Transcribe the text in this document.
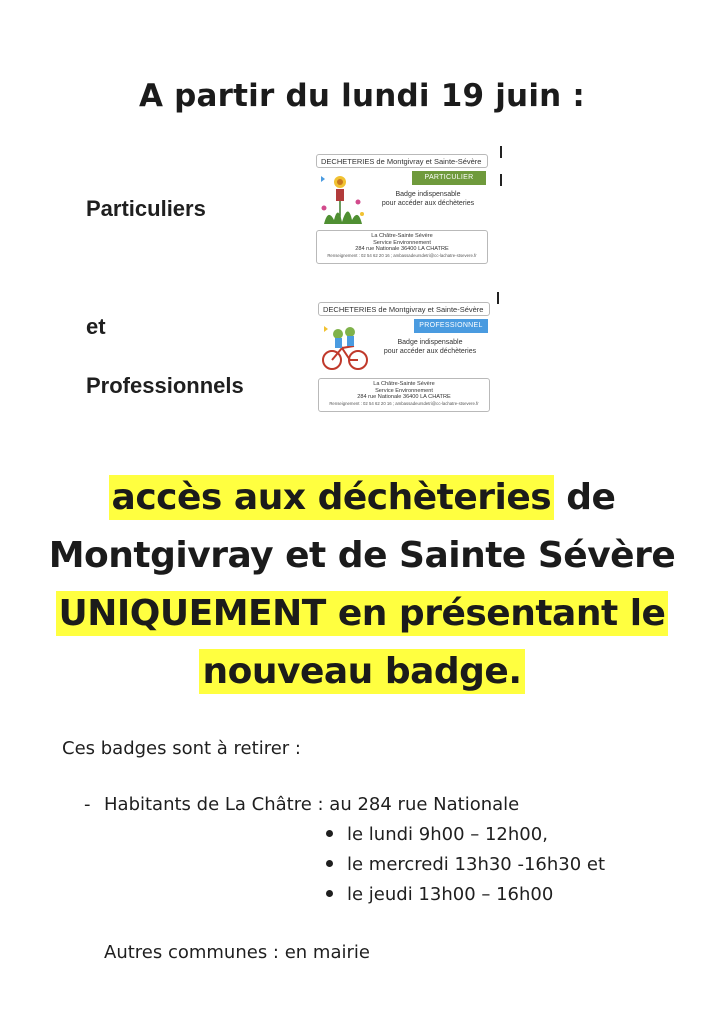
A partir du lundi 19 juin :
Particuliers
et
Professionnels
DECHETERIES de Montgivray et Sainte-Sévère
PARTICULIER
Badge indispensable
pour accéder aux déchèteries
La Châtre-Sainte Sévère
Service Environnement
284 rue Nationale 36400 LA CHATRE
Renseignement : 02 54 62 20 16 ; ambassadeursdetri@cc-lachatre-stsevere.fr
DECHETERIES de Montgivray et Sainte-Sévère
PROFESSIONNEL
Badge indispensable
pour accéder aux déchèteries
La Châtre-Sainte Sévère
Service Environnement
284 rue Nationale 36400 LA CHATRE
Renseignement : 02 54 62 20 16 ; ambassadeursdetri@cc-lachatre-stsevere.fr
accès aux déchèteries de
Montgivray et de Sainte Sévère
UNIQUEMENT en présentant le
nouveau badge.
Ces badges sont à retirer :
- Habitants de La Châtre : au 284 rue Nationale
le lundi 9h00 – 12h00,
le mercredi 13h30 -16h30 et
le jeudi 13h00 – 16h00
Autres communes : en mairie
